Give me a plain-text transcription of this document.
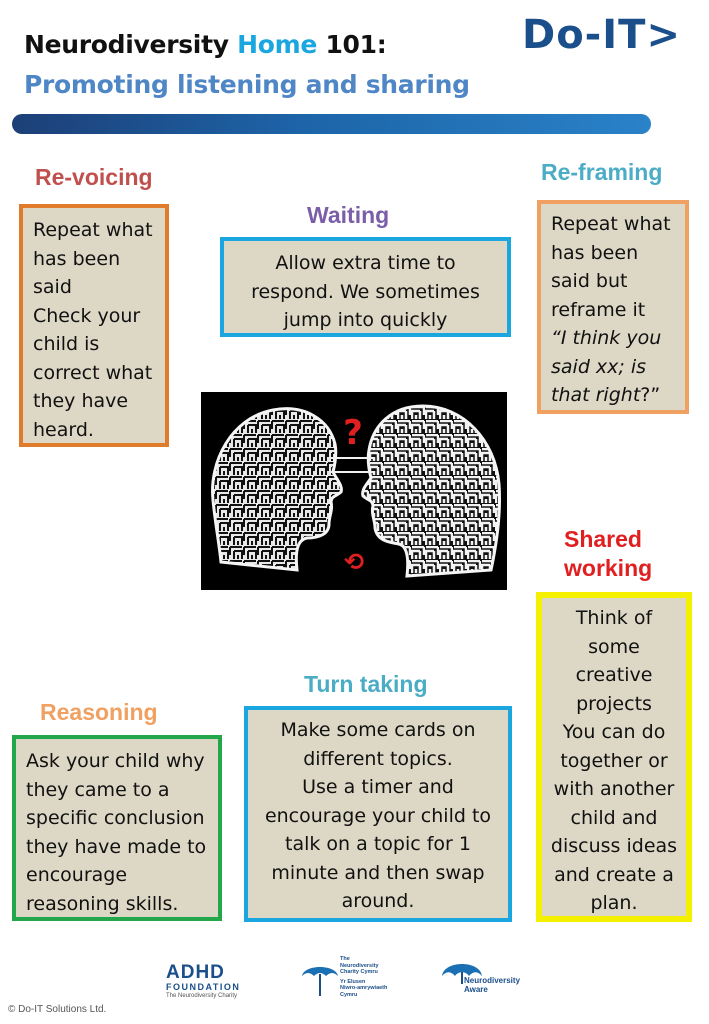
Neurodiversity Home 101:
Promoting listening and sharing
Do-IT>
Re-voicing
Repeat what
has been
said
Check your
child is
correct what
they have
heard.
Waiting
Allow extra time to
respond. We sometimes
jump into quickly
Re-framing
Repeat what
has been
said but
reframe it
“I think you
said xx; is
that right?”
?
⟲
Shared
working
Think of
some
creative
projects
You can do
together or
with another
child and
discuss ideas
and create a
plan.
Turn taking
Make some cards on
different topics.
Use a timer and
encourage your child to
talk on a topic for 1
minute and then swap
around.
Reasoning
Ask your child why
they came to a
specific conclusion
they have made to
encourage
reasoning skills.
ADHD
FOUNDATION
The Neurodiversity Charity
The
Neurodiversity
Charity Cymru
Yr Elusen
Niwro-amrywiaeth
Cymru
Neurodiversity
Aware
© Do-IT Solutions Ltd.
